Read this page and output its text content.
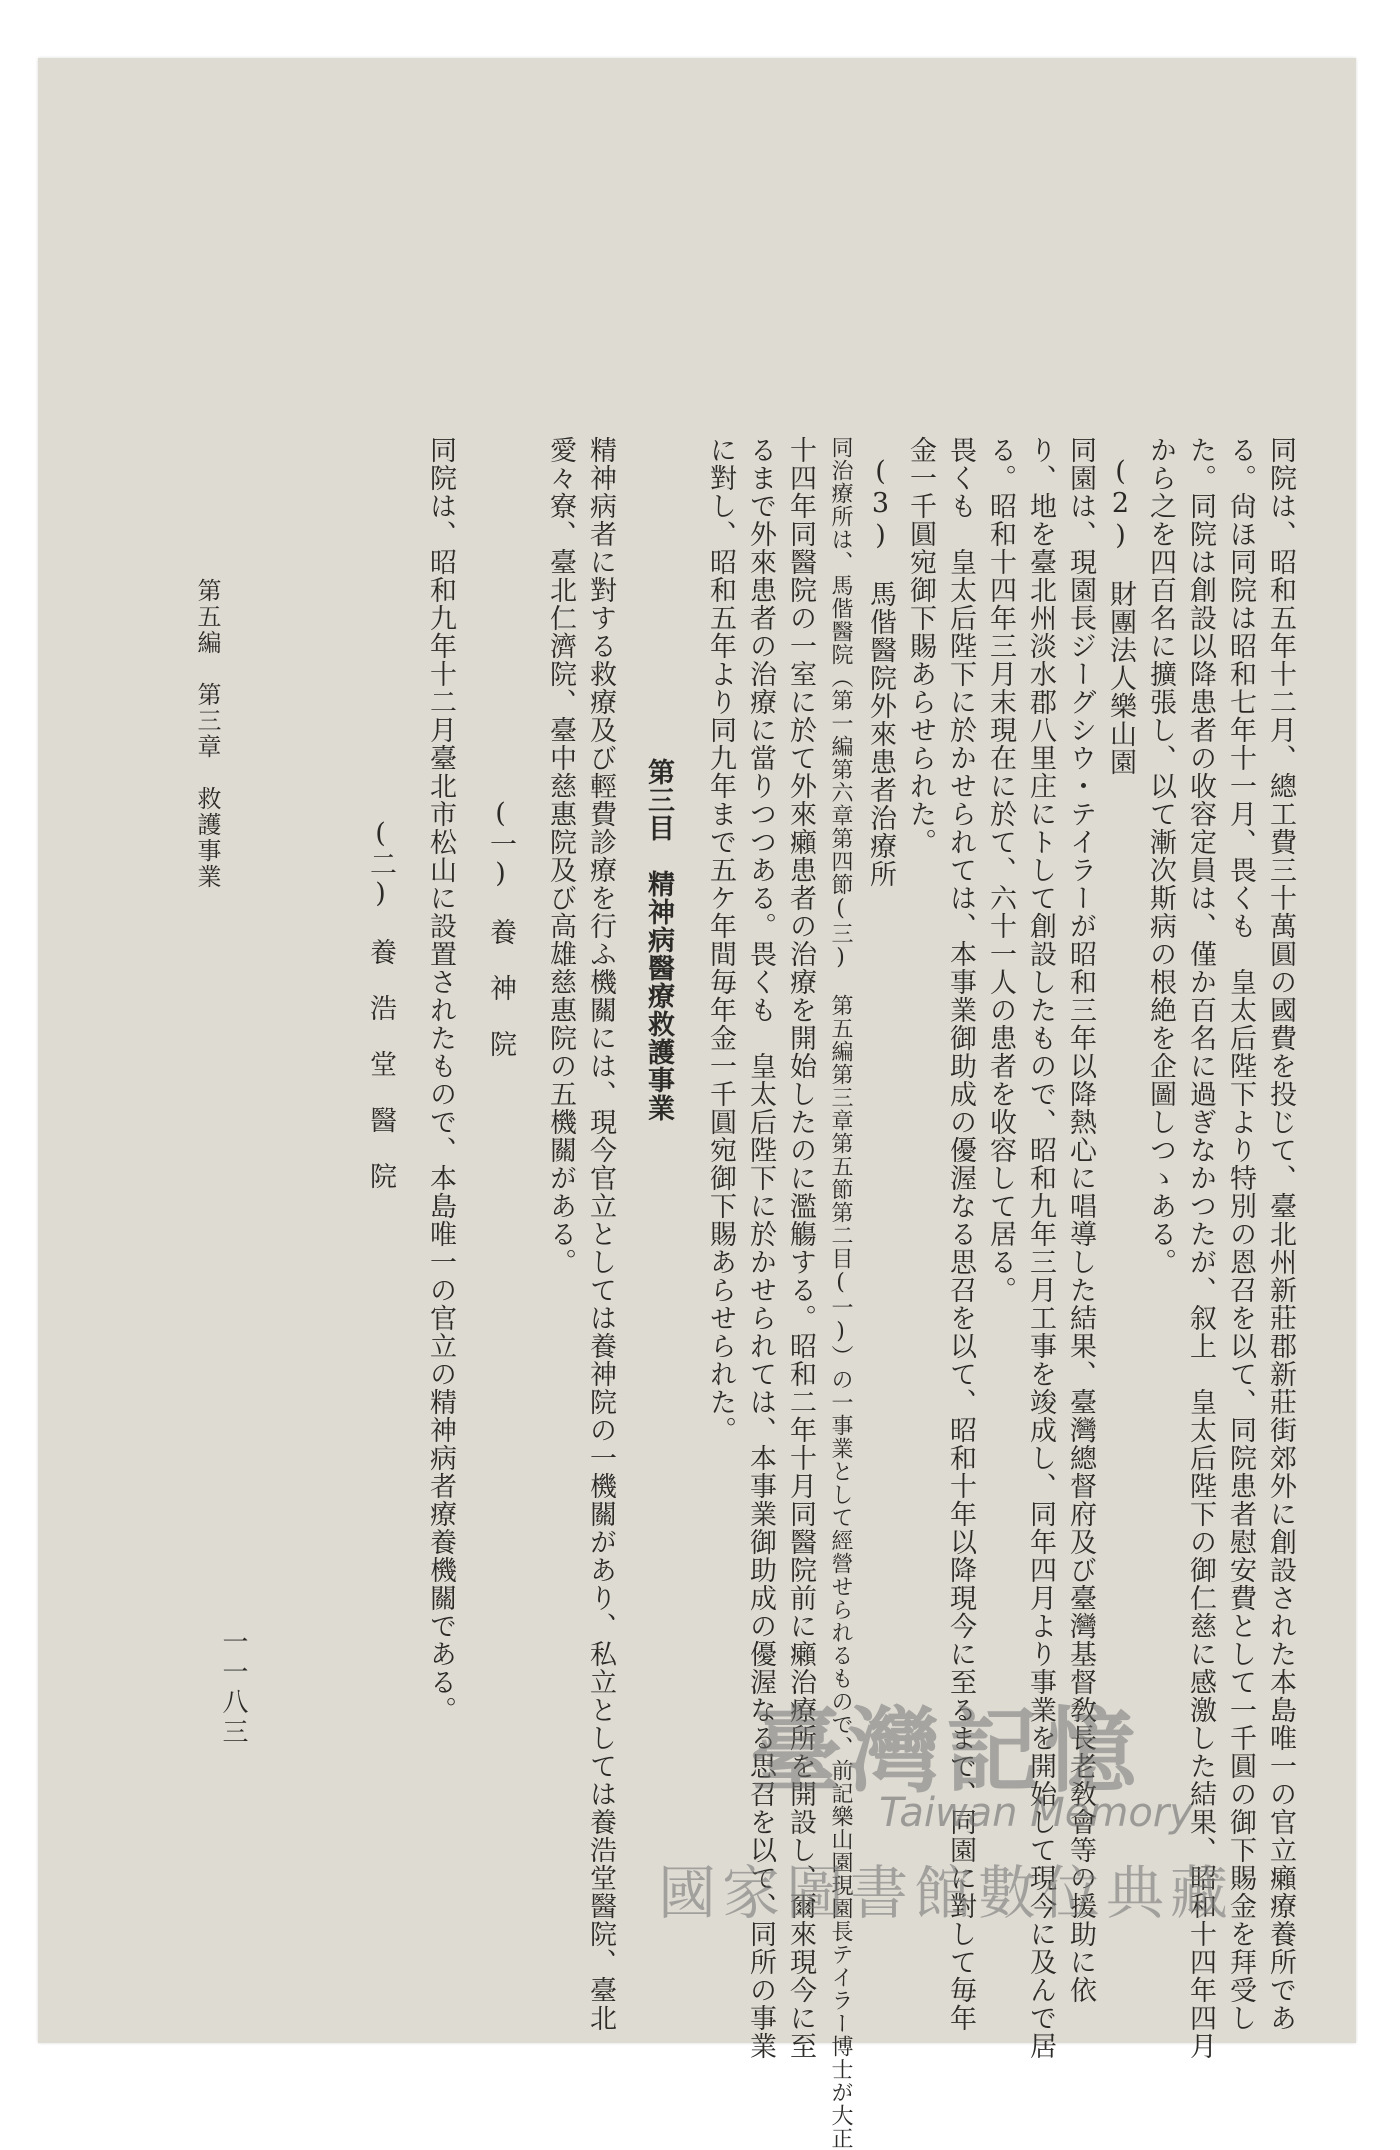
同院は、昭和五年十二月、總工費三十萬圓の國費を投じて、臺北州新莊郡新莊街郊外に創設された本島唯一の官立癩療養所であ
る。尙ほ同院は昭和七年十一月、畏くも　皇太后陛下より特別の恩召を以て、同院患者慰安費として一千圓の御下賜金を拜受し
た。同院は創設以降患者の收容定員は、僅か百名に過ぎなかつたが、叙上　皇太后陛下の御仁慈に感激した結果、昭和十四年四月
から之を四百名に擴張し、以て漸次斯病の根絶を企圖しつゝある。
(2)　財團法人樂山園
同園は、現園長ジーグシウ・テイラーが昭和三年以降熱心に唱導した結果、臺灣總督府及び臺灣基督敎長老敎會等の援助に依
り、地を臺北州淡水郡八里庄にトして創設したもので、昭和九年三月工事を竣成し、同年四月より事業を開始して現今に及んで居
る。昭和十四年三月末現在に於て、六十一人の患者を收容して居る。
畏くも　皇太后陛下に於かせられては、本事業御助成の優渥なる思召を以て、昭和十年以降現今に至るまで、同園に對して毎年
金一千圓宛御下賜あらせられた。
(3)　馬偕醫院外來患者治療所
同治療所は、馬偕醫院（第一編第六章第四節(三)　第五編第三章第五節第二目(一)）の一事業として經營せられるもので、前記樂山園現園長テイラー博士が大正
十四年同醫院の一室に於て外來癩患者の治療を開始したのに濫觴する。昭和二年十月同醫院前に癩治療所を開設し、爾來現今に至
るまで外來患者の治療に當りつつある。畏くも　皇太后陛下に於かせられては、本事業御助成の優渥なる思召を以て、同所の事業
に對し、昭和五年より同九年まで五ケ年間毎年金一千圓宛御下賜あらせられた。
第三目　精神病醫療救護事業
精神病者に對する救療及び輕費診療を行ふ機關には、現今官立としては養神院の一機關があり、私立としては養浩堂醫院、臺北
愛々寮、臺北仁濟院、臺中慈惠院及び高雄慈惠院の五機關がある。
(一)　養　神　院
同院は、昭和九年十二月臺北市松山に設置されたもので、本島唯一の官立の精神病者療養機關である。
(二)　養　浩　堂　醫　院
第五編　第三章　救護事業
一一八三
臺灣記憶
Taiwan Memory
國家圖書館數位典藏
